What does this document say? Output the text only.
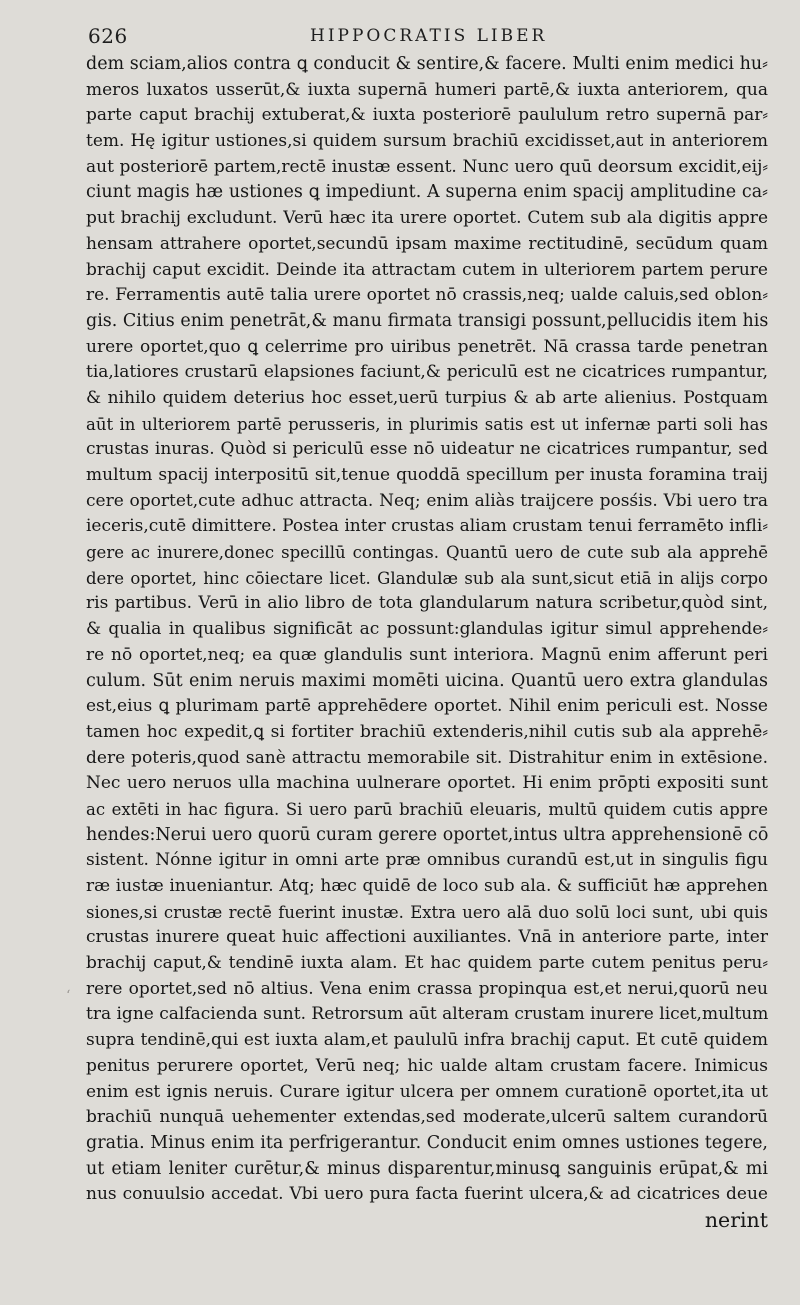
626	HIPPOCRATIS LIBER
dem sciam,alios contra ꝗ conducit & sentire,& facere. Multi enim medici hu⸗
meros luxatos usserūt,& iuxta supernā humeri partē,& iuxta anteriorem, qua
parte caput brachij extuberat,& iuxta posteriorē paululum retro supernā par⸗
tem. Hę igitur ustiones,si quidem sursum brachiū excidisset,aut in anteriorem
aut posteriorē partem,rectē inustæ essent. Nunc uero quū deorsum excidit,eij⸗
ciunt magis hæ ustiones ꝗ impediunt. A superna enim spacij amplitudine ca⸗
put brachij excludunt. Verū hæc ita urere oportet. Cutem sub ala digitis appre
hensam attrahere oportet,secundū ipsam maxime rectitudinē, secūdum quam
brachij caput excidit. Deinde ita attractam cutem in ulteriorem partem perure
re. Ferramentis autē talia urere oportet nō crassis,neq; ualde caluis,sed oblon⸗
gis. Citius enim penetrāt,& manu firmata transigi possunt,pellucidis item his
urere oportet,quo ꝗ celerrime pro uiribus penetrēt. Nā crassa tarde penetran
tia,latiores crustarū elapsiones faciunt,& periculū est ne cicatrices rumpantur,
& nihilo quidem deterius hoc esset,uerū turpius & ab arte alienius. Postquam
aūt in ulteriorem partē perusseris, in plurimis satis est ut infernæ parti soli has
crustas inuras. Quòd si periculū esse nō uideatur ne cicatrices rumpantur, sed
multum spacij interpositū sit,tenue quoddā specillum per inusta foramina traij
cere oportet,cute adhuc attracta. Neq; enim aliàs traijcere posśis. Vbi uero tra
ieceris,cutē dimittere. Postea inter crustas aliam crustam tenui ferramēto infli⸗
gere ac inurere,donec specillū contingas. Quantū uero de cute sub ala apprehē
dere oportet, hinc cōiectare licet. Glandulæ sub ala sunt,sicut etiā in alijs corpo
ris partibus. Verū in alio libro de tota glandularum natura scribetur,quòd sint,
& qualia in qualibus significāt ac possunt:glandulas igitur simul apprehende⸗
re nō oportet,neq; ea quæ glandulis sunt interiora. Magnū enim afferunt peri
culum. Sūt enim neruis maximi momēti uicina. Quantū uero extra glandulas
est,eius ꝗ plurimam partē apprehēdere oportet. Nihil enim periculi est. Nosse
tamen hoc expedit,ꝗ si fortiter brachiū extenderis,nihil cutis sub ala apprehē⸗
dere poteris,quod sanè attractu memorabile sit. Distrahitur enim in extēsione.
Nec uero neruos ulla machina uulnerare oportet. Hi enim prōpti expositi sunt
ac extēti in hac figura. Si uero parū brachiū eleuaris, multū quidem cutis appre
hendes:Nerui uero quorū curam gerere oportet,intus ultra apprehensionē cō
sistent. Nónne igitur in omni arte præ omnibus curandū est,ut in singulis figu
ræ iustæ inueniantur. Atq; hæc quidē de loco sub ala. & sufficiūt hæ apprehen
siones,si crustæ rectē fuerint inustæ. Extra uero alā duo solū loci sunt, ubi quis
crustas inurere queat huic affectioni auxiliantes. Vnā in anteriore parte, inter
brachij caput,& tendinē iuxta alam. Et hac quidem parte cutem penitus peru⸗
rere oportet,sed nō altius. Vena enim crassa propinqua est,et nerui,quorū neu
tra igne calfacienda sunt. Retrorsum aūt alteram crustam inurere licet,multum
supra tendinē,qui est iuxta alam,et paululū infra brachij caput. Et cutē quidem
penitus perurere oportet, Verū neq; hic ualde altam crustam facere. Inimicus
enim est ignis neruis. Curare igitur ulcera per omnem curationē oportet,ita ut
brachiū nunquā uehementer extendas,sed moderate,ulcerū saltem curandorū
gratia. Minus enim ita perfrigerantur. Conducit enim omnes ustiones tegere,
ut etiam leniter curētur,& minus disparentur,minusꝗ sanguinis erūpat,& mi
nus conuulsio accedat. Vbi uero pura facta fuerint ulcera,& ad cicatrices deue
nerint
ʻ
